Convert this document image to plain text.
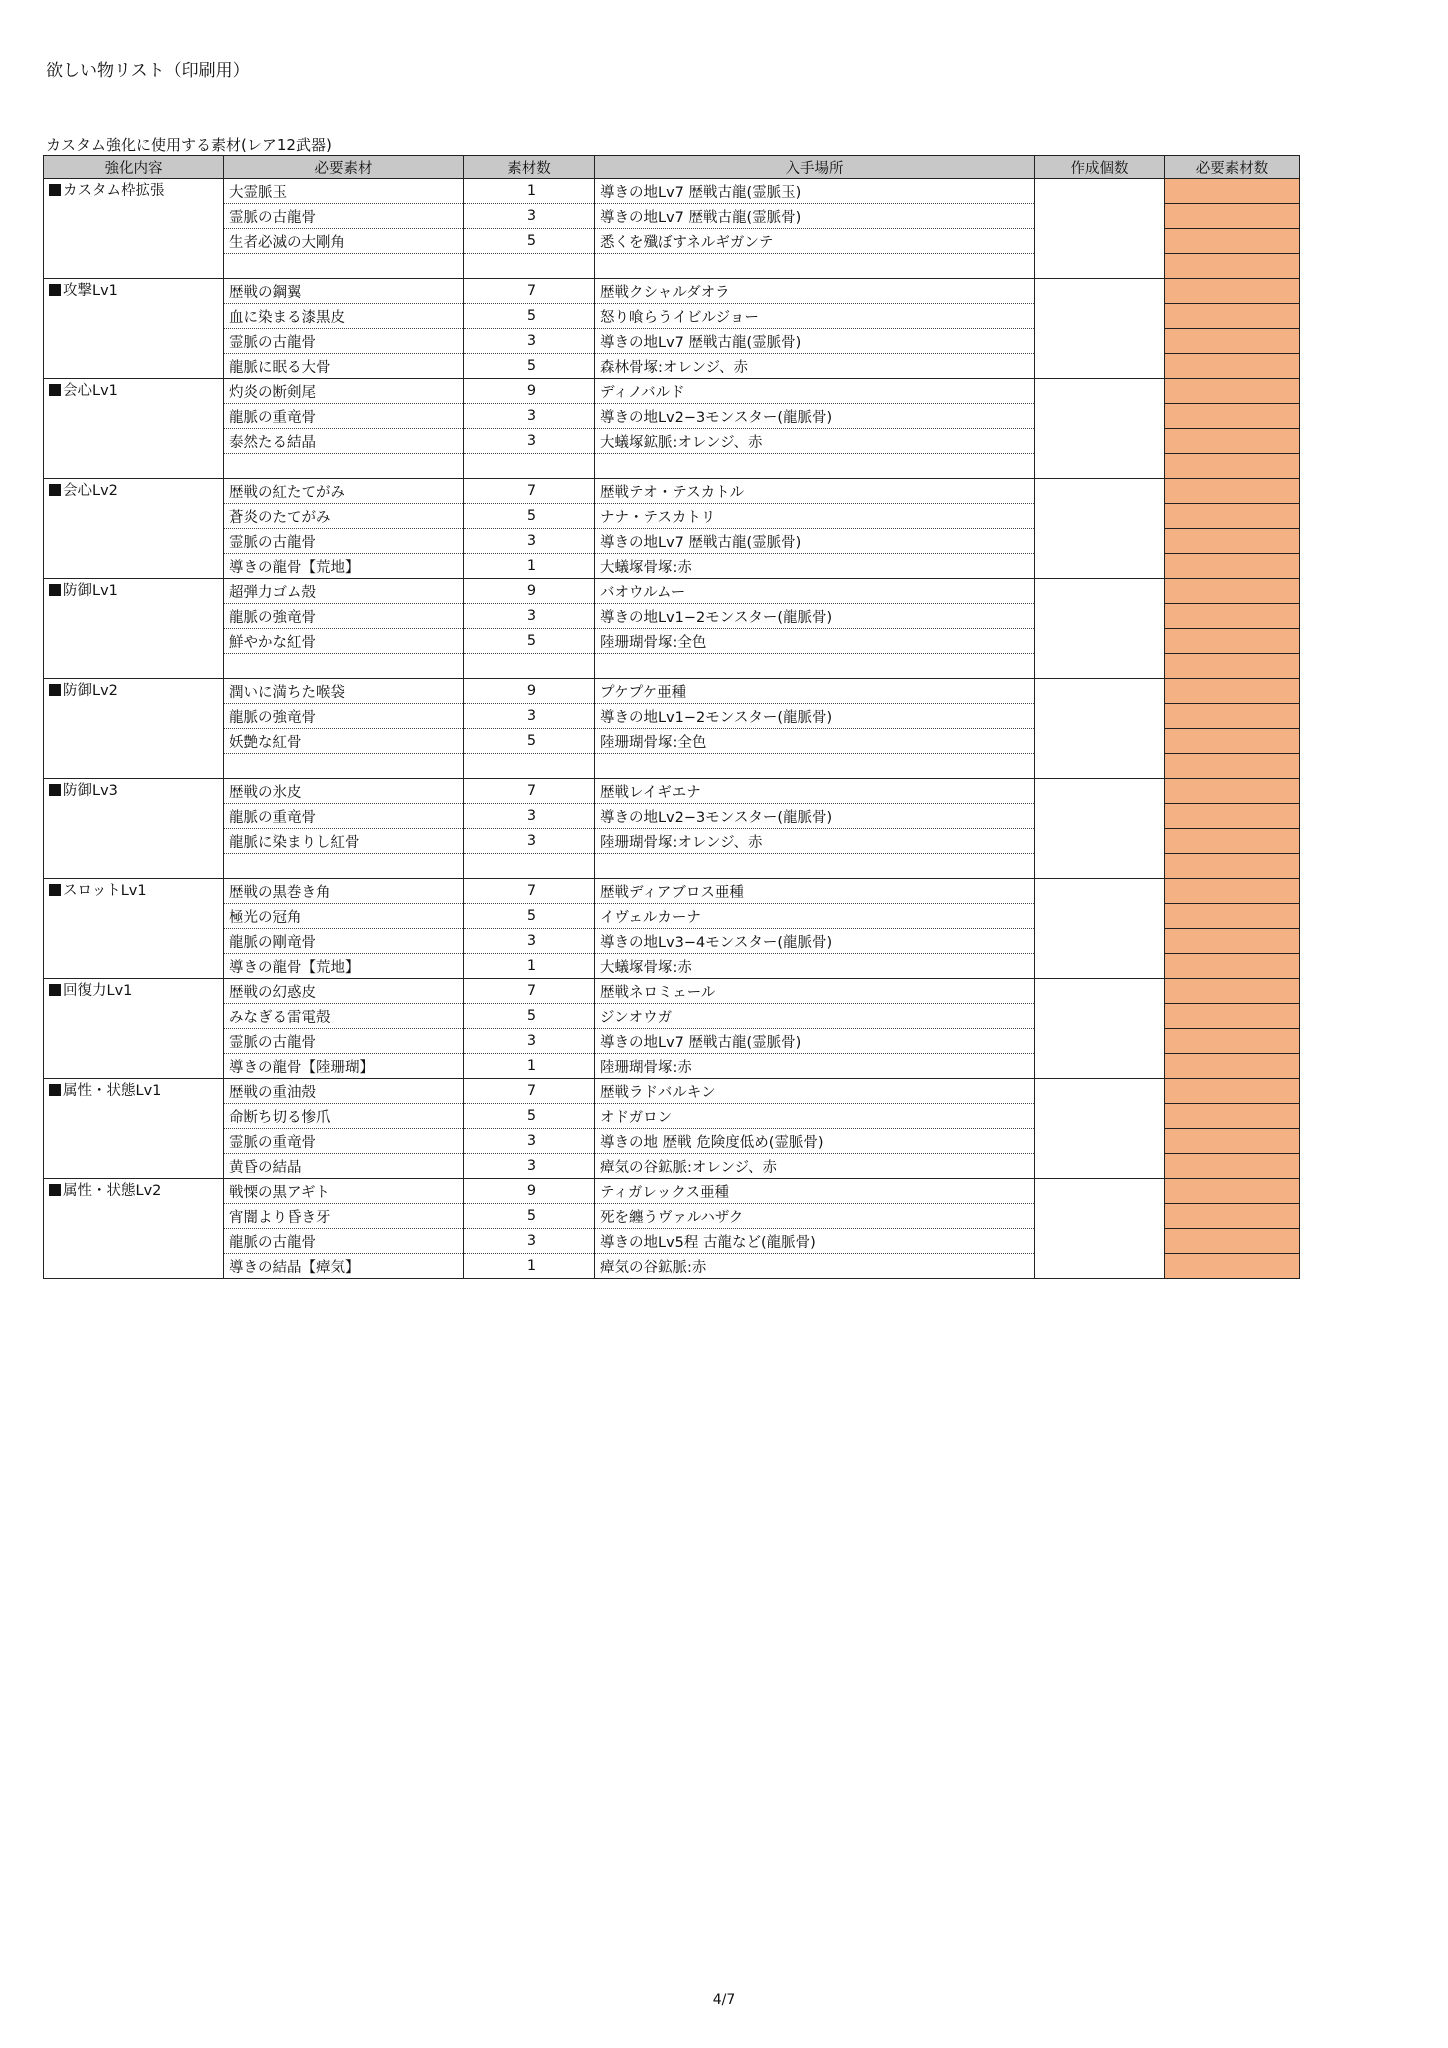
欲しい物リスト（印刷用）
カスタム強化に使用する素材(レア12武器)
強化内容	必要素材	素材数	入手場所	作成個数	必要素材数
カスタム枠拡張	大霊脈玉	1	導きの地Lv7 歴戦古龍(霊脈玉)		
	霊脈の古龍骨	3	導きの地Lv7 歴戦古龍(霊脈骨)		
	生者必滅の大剛角	5	悉くを殲ぼすネルギガンテ		

攻撃Lv1	歴戦の鋼翼	7	歴戦クシャルダオラ		
	血に染まる漆黒皮	5	怒り喰らうイビルジョー		
	霊脈の古龍骨	3	導きの地Lv7 歴戦古龍(霊脈骨)		
	龍脈に眠る大骨	5	森林骨塚:オレンジ、赤		
会心Lv1	灼炎の断剣尾	9	ディノバルド		
	龍脈の重竜骨	3	導きの地Lv2−3モンスター(龍脈骨)		
	泰然たる結晶	3	大蟻塚鉱脈:オレンジ、赤		

会心Lv2	歴戦の紅たてがみ	7	歴戦テオ・テスカトル		
	蒼炎のたてがみ	5	ナナ・テスカトリ		
	霊脈の古龍骨	3	導きの地Lv7 歴戦古龍(霊脈骨)		
	導きの龍骨【荒地】	1	大蟻塚骨塚:赤		
防御Lv1	超弾力ゴム殻	9	バオウルムー		
	龍脈の強竜骨	3	導きの地Lv1−2モンスター(龍脈骨)		
	鮮やかな紅骨	5	陸珊瑚骨塚:全色		

防御Lv2	潤いに満ちた喉袋	9	プケプケ亜種		
	龍脈の強竜骨	3	導きの地Lv1−2モンスター(龍脈骨)		
	妖艶な紅骨	5	陸珊瑚骨塚:全色		

防御Lv3	歴戦の氷皮	7	歴戦レイギエナ		
	龍脈の重竜骨	3	導きの地Lv2−3モンスター(龍脈骨)		
	龍脈に染まりし紅骨	3	陸珊瑚骨塚:オレンジ、赤		

スロットLv1	歴戦の黒巻き角	7	歴戦ディアブロス亜種		
	極光の冠角	5	イヴェルカーナ		
	龍脈の剛竜骨	3	導きの地Lv3−4モンスター(龍脈骨)		
	導きの龍骨【荒地】	1	大蟻塚骨塚:赤		
回復力Lv1	歴戦の幻惑皮	7	歴戦ネロミェール		
	みなぎる雷電殻	5	ジンオウガ		
	霊脈の古龍骨	3	導きの地Lv7 歴戦古龍(霊脈骨)		
	導きの龍骨【陸珊瑚】	1	陸珊瑚骨塚:赤		
属性・状態Lv1	歴戦の重油殻	7	歴戦ラドバルキン		
	命断ち切る惨爪	5	オドガロン		
	霊脈の重竜骨	3	導きの地 歴戦 危険度低め(霊脈骨)		
	黄昏の結晶	3	瘴気の谷鉱脈:オレンジ、赤		
属性・状態Lv2	戦慄の黒アギト	9	ティガレックス亜種		
	宵闇より昏き牙	5	死を纏うヴァルハザク		
	龍脈の古龍骨	3	導きの地Lv5程 古龍など(龍脈骨)		
	導きの結晶【瘴気】	1	瘴気の谷鉱脈:赤		
4/7
